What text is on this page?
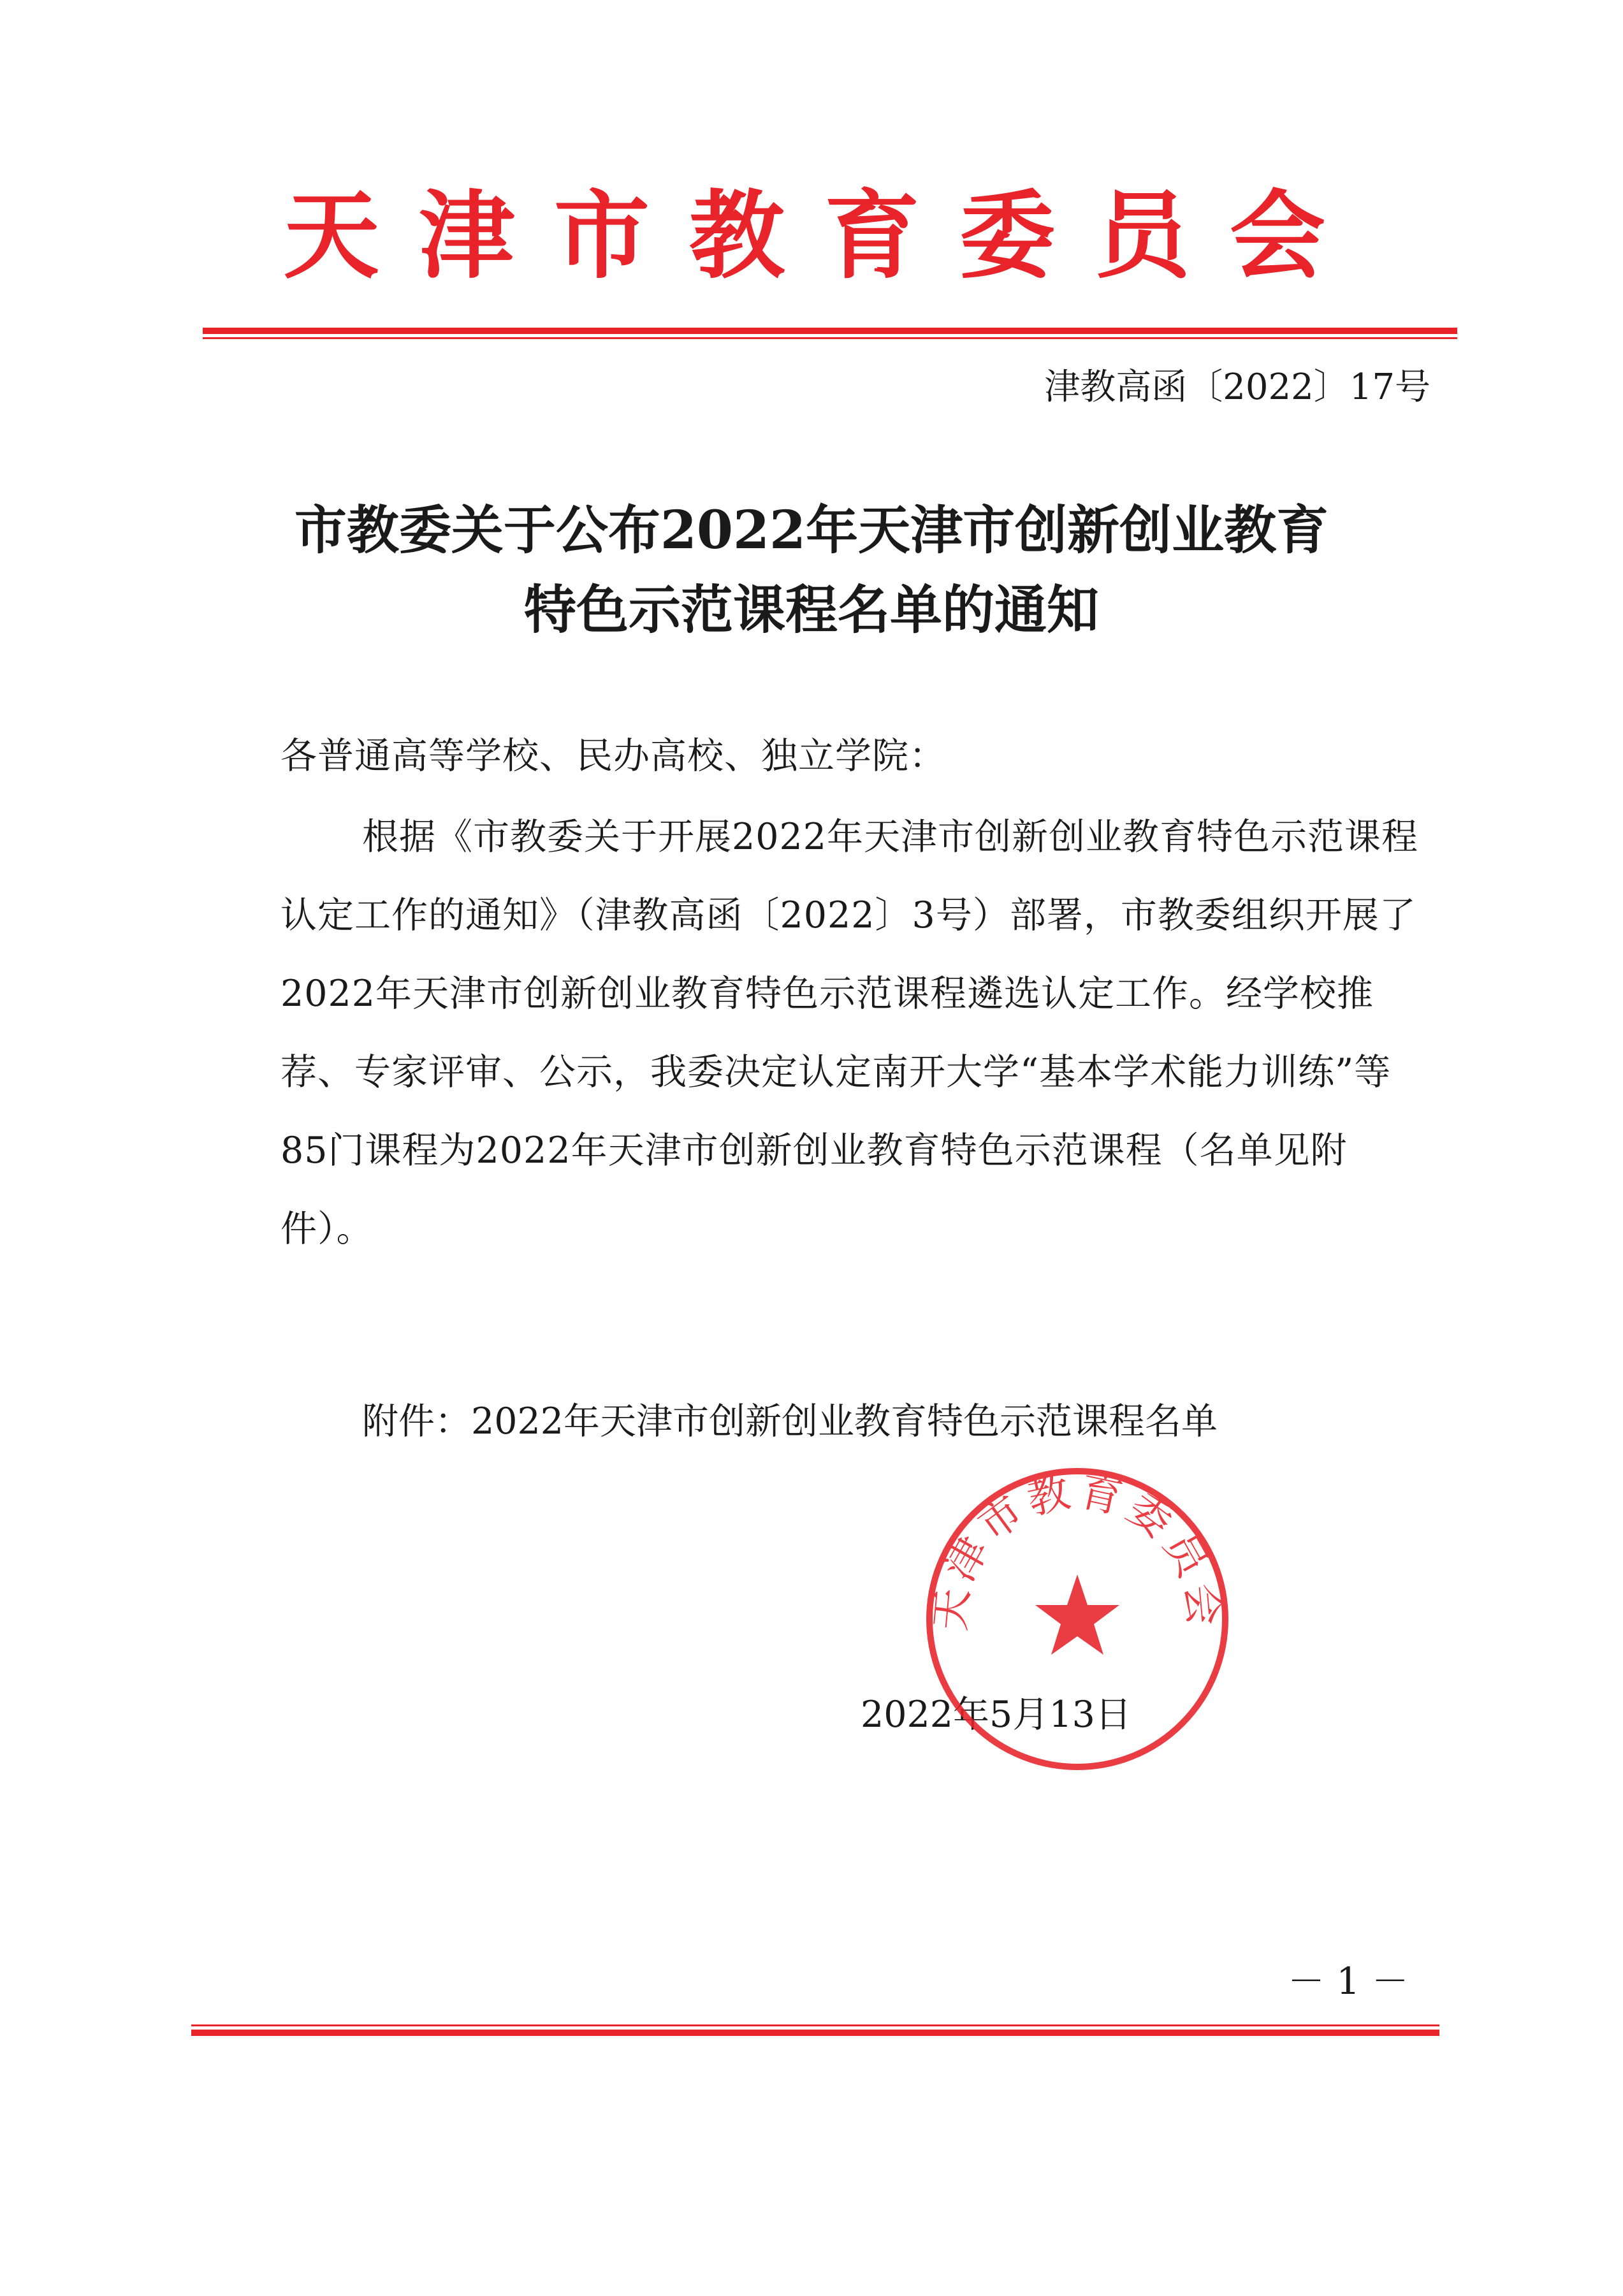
天津市教育委员会
津教高函〔2022〕17号
市教委关于公布2022年天津市创新创业教育
特色示范课程名单的通知
各普通高等学校、民办高校、独立学院：
根据《市教委关于开展2022年天津市创新创业教育特色示范课程认定工作的通知》（津教高函〔2022〕3号）部署，市教委组织开展了2022年天津市创新创业教育特色示范课程遴选认定工作。经学校推荐、专家评审、公示，我委决定认定南开大学“基本学术能力训练”等85门课程为2022年天津市创新创业教育特色示范课程（名单见附件）。
附件：2022年天津市创新创业教育特色示范课程名单
2022年5月13日
天津市教育委员会
－ 1 －
